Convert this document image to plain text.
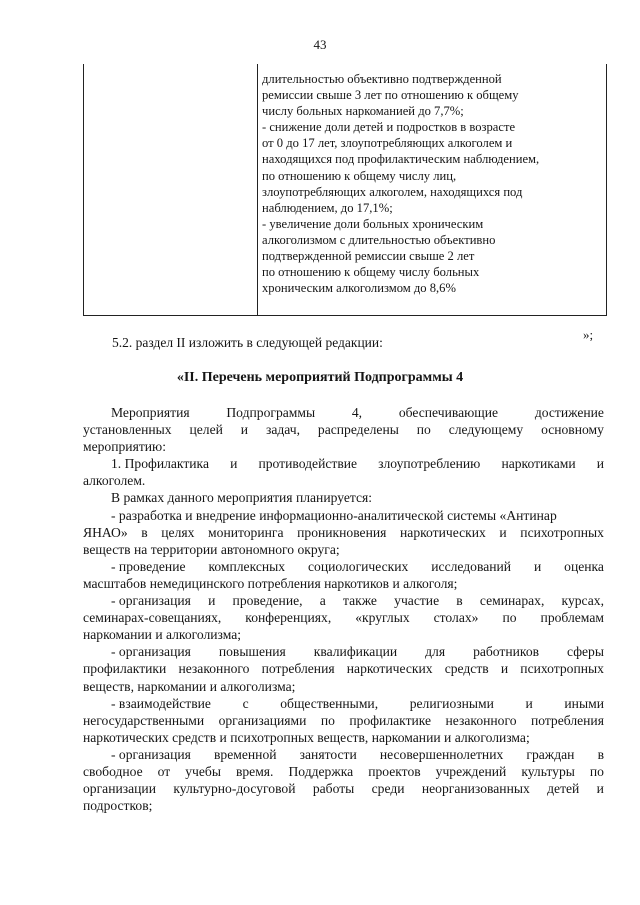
43
длительностью объективно подтвержденной
ремиссии свыше 3 лет по отношению к общему
числу больных наркоманией до 7,7%;
- снижение доли детей и подростков в возрасте
от 0 до 17 лет, злоупотребляющих алкоголем и
находящихся под профилактическим наблюдением,
по отношению к общему числу лиц,
злоупотребляющих алкоголем, находящихся под
наблюдением, до 17,1%;
- увеличение доли больных хроническим
алкоголизмом с длительностью объективно
подтвержденной ремиссии свыше 2 лет
по отношению к общему числу больных
хроническим алкоголизмом до 8,6%
»;
5.2. раздел II изложить в следующей редакции:
«II. Перечень мероприятий Подпрограммы 4
Мероприятия	Подпрограммы	4,	обеспечивающие	достижение
установленных целей и задач, распределены по следующему основному
мероприятию:
1. Профилактика и противодействие злоупотреблению наркотиками и
алкоголем.
В рамках данного мероприятия планируется:
- разработка и внедрение информационно-аналитической системы «Антинар
ЯНАО» в целях мониторинга проникновения наркотических и психотропных
веществ на территории автономного округа;
- проведение комплексных социологических исследований и оценка
масштабов немедицинского потребления наркотиков и алкоголя;
- организация и проведение, а также участие в семинарах, курсах,
семинарах-совещаниях, конференциях, «круглых столах» по проблемам
наркомании и алкоголизма;
- организация повышения квалификации для работников сферы
профилактики незаконного потребления наркотических средств и психотропных
веществ, наркомании и алкоголизма;
- взаимодействие с общественными, религиозными и иными
негосударственными организациями по профилактике незаконного потребления
наркотических средств и психотропных веществ, наркомании и алкоголизма;
- организация временной занятости несовершеннолетних граждан в
свободное от учебы время. Поддержка проектов учреждений культуры по
организации культурно-досуговой работы среди неорганизованных детей и
подростков;
